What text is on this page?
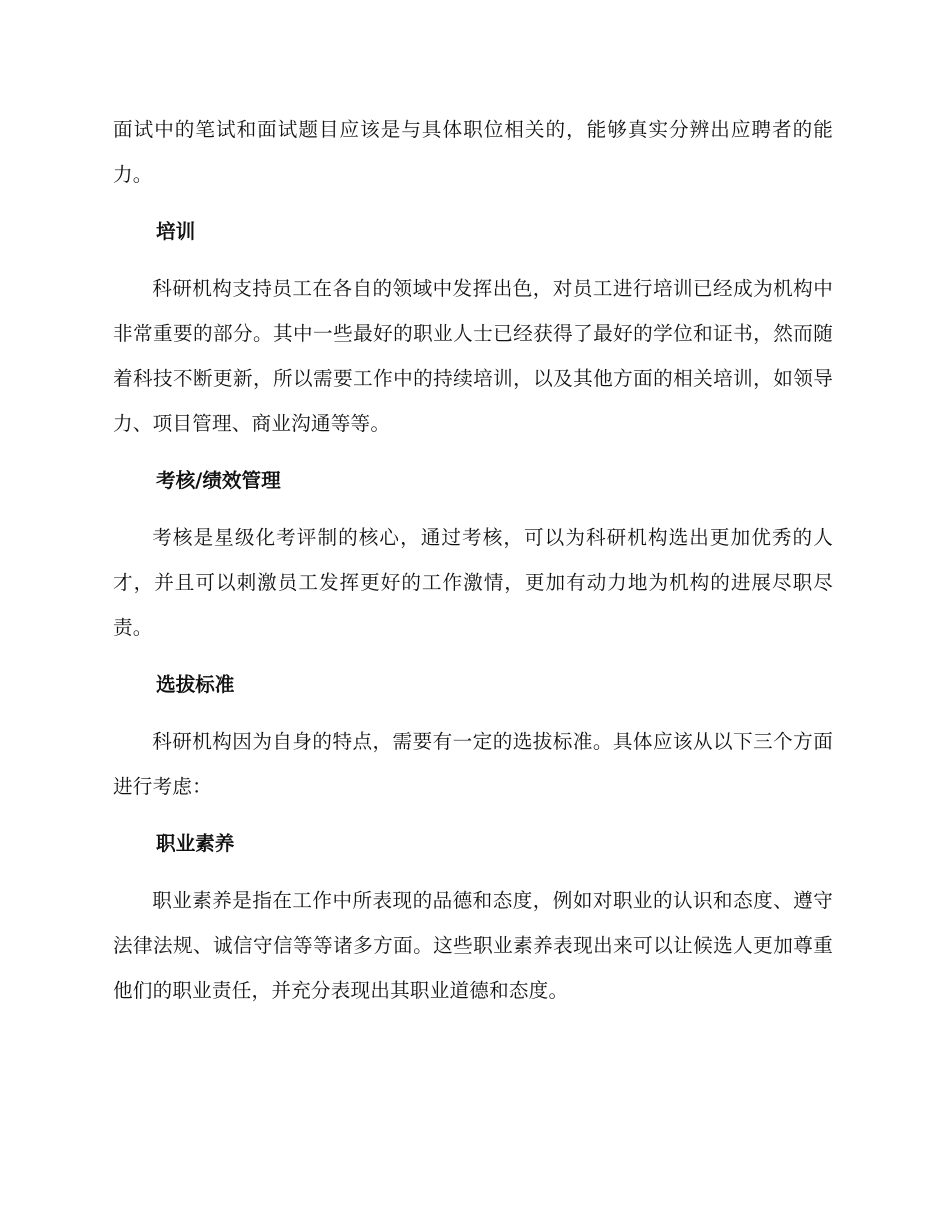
面试中的笔试和面试题目应该是与具体职位相关的，能够真实分辨出应聘者的能力。

培训

科研机构支持员工在各自的领域中发挥出色，对员工进行培训已经成为机构中非常重要的部分。其中一些最好的职业人士已经获得了最好的学位和证书，然而随着科技不断更新，所以需要工作中的持续培训，以及其他方面的相关培训，如领导力、项目管理、商业沟通等等。

考核/绩效管理

考核是星级化考评制的核心，通过考核，可以为科研机构选出更加优秀的人才，并且可以刺激员工发挥更好的工作激情，更加有动力地为机构的进展尽职尽责。

选拔标准

科研机构因为自身的特点，需要有一定的选拔标准。具体应该从以下三个方面进行考虑：

职业素养

职业素养是指在工作中所表现的品德和态度，例如对职业的认识和态度、遵守法律法规、诚信守信等等诸多方面。这些职业素养表现出来可以让候选人更加尊重他们的职业责任，并充分表现出其职业道德和态度。
